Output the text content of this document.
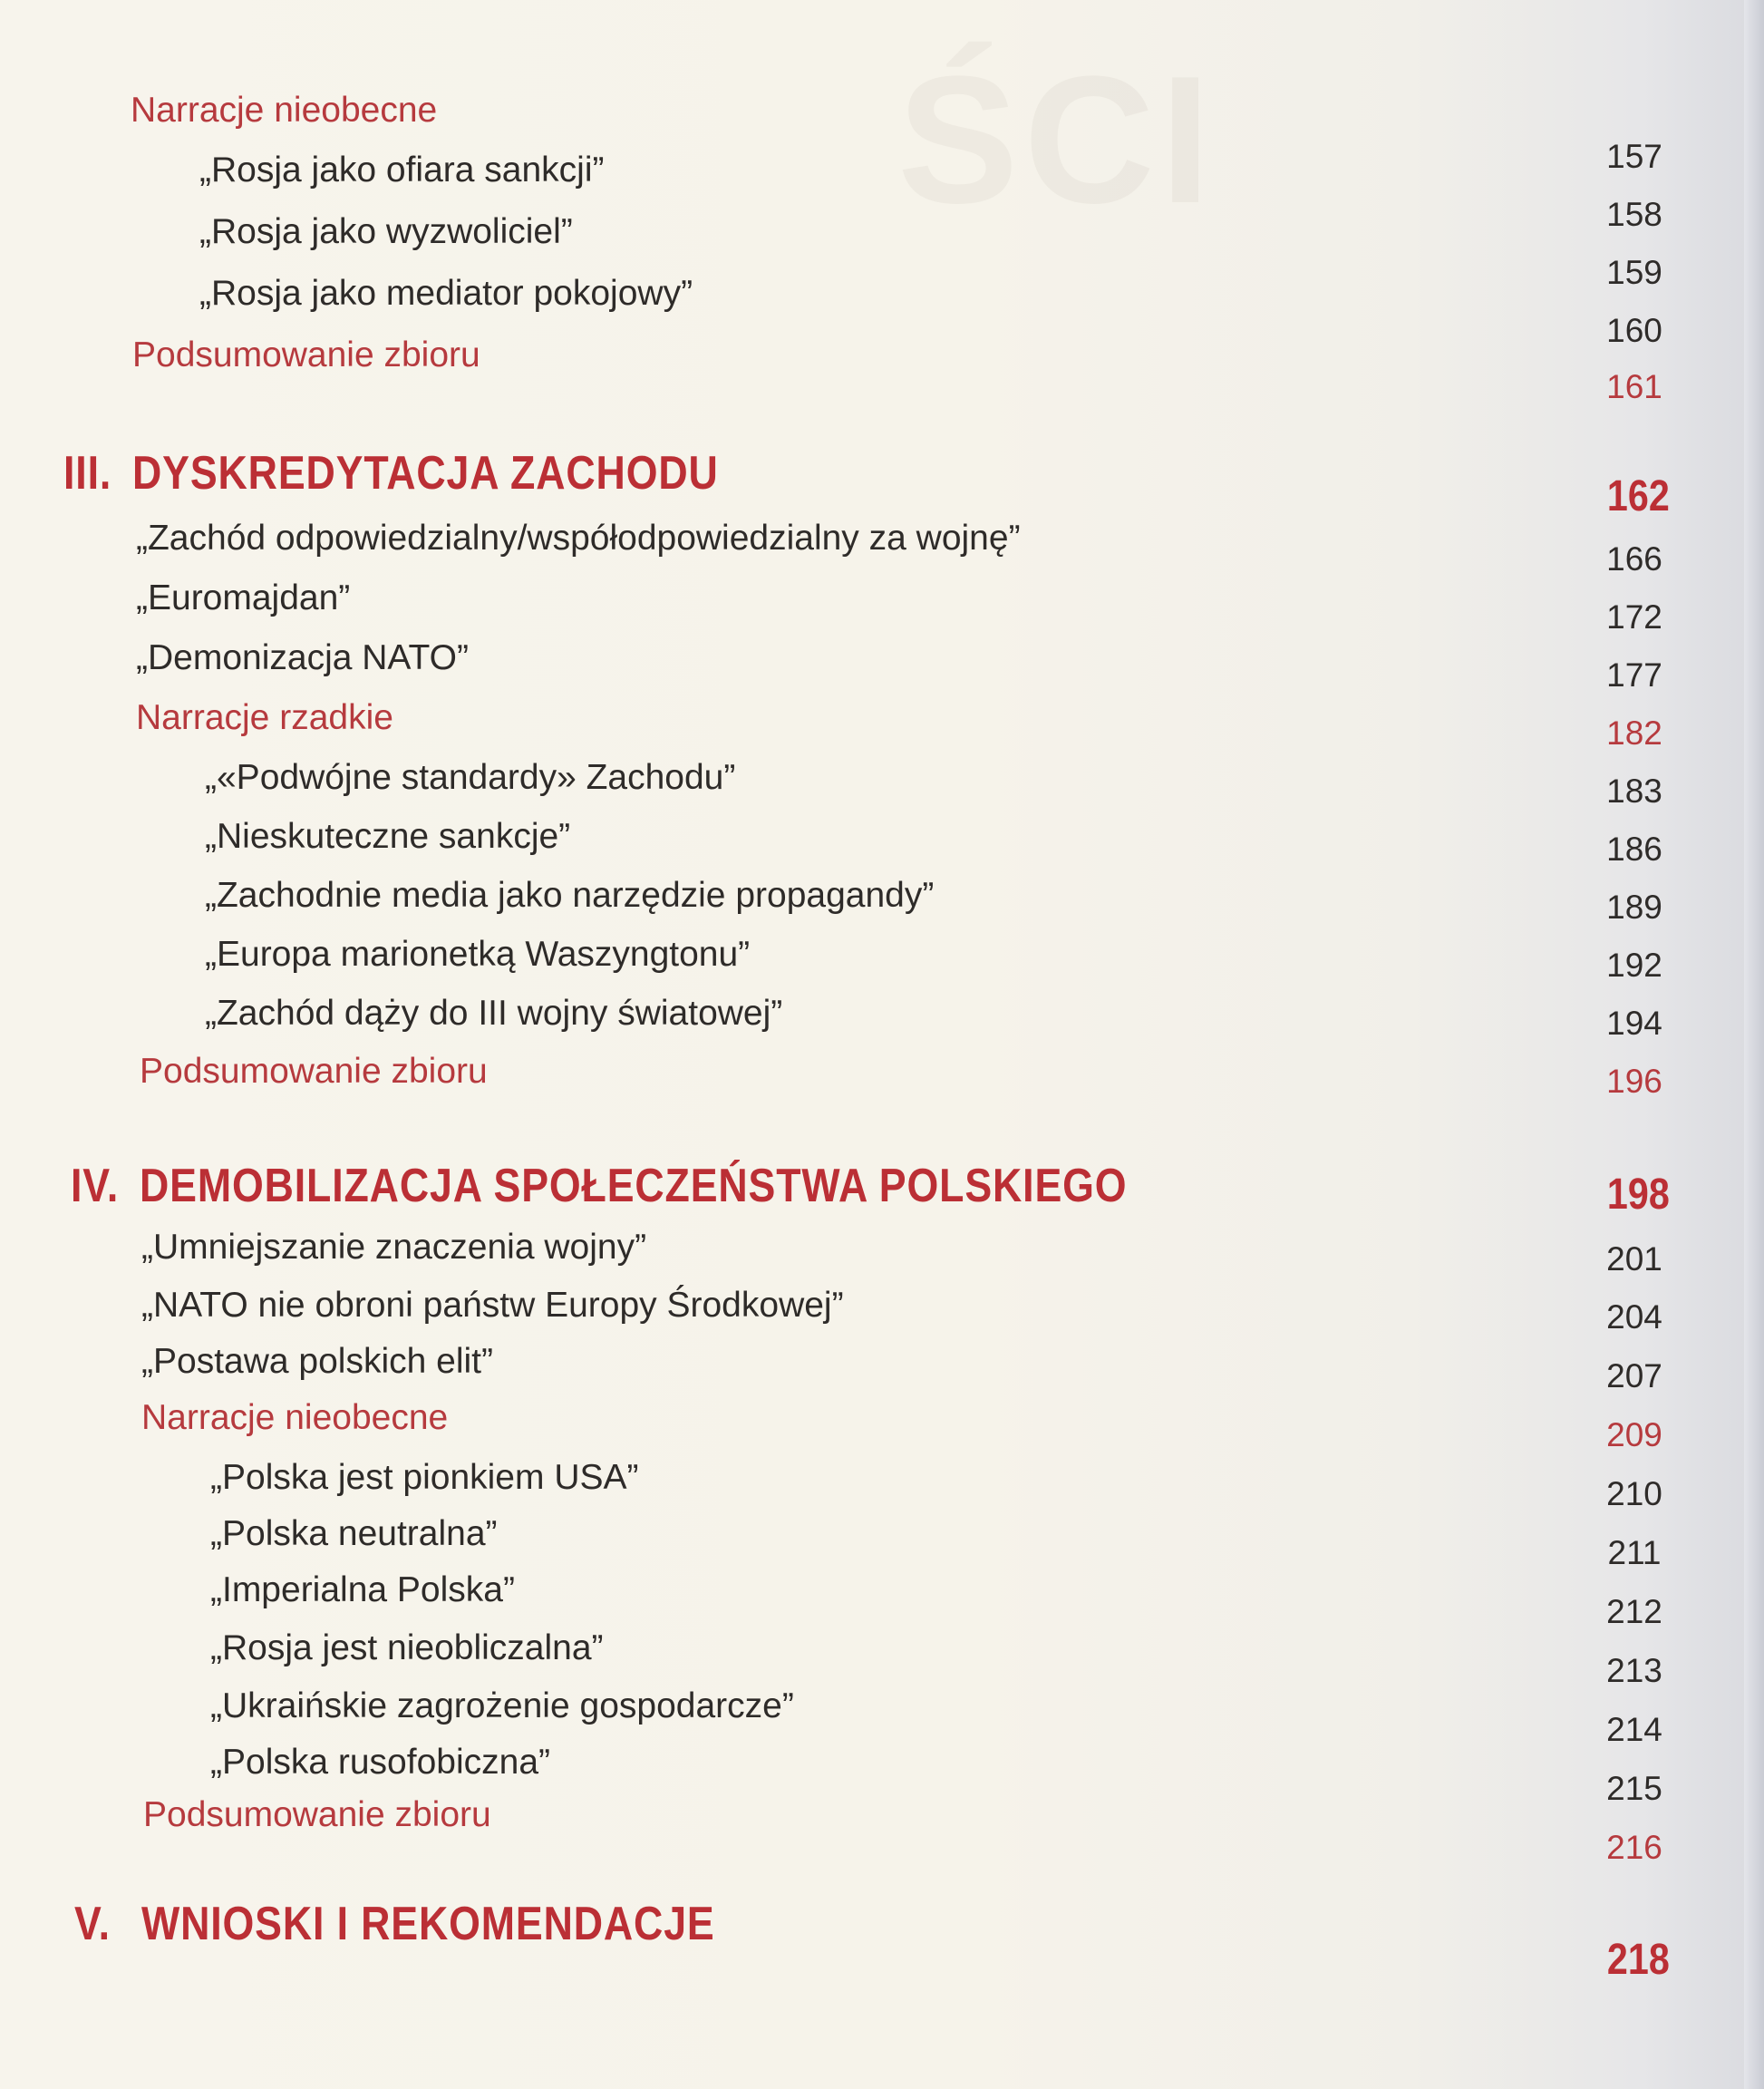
ŚCI
Narracje nieobecne
„Rosja jako ofiara sankcji”
„Rosja jako wyzwoliciel”
„Rosja jako mediator pokojowy”
Podsumowanie zbioru
III. DYSKREDYTACJA ZACHODU
„Zachód odpowiedzialny/współodpowiedzialny za wojnę”
„Euromajdan”
„Demonizacja NATO”
Narracje rzadkie
„«Podwójne standardy» Zachodu”
„Nieskuteczne sankcje”
„Zachodnie media jako narzędzie propagandy”
„Europa marionetką Waszyngtonu”
„Zachód dąży do III wojny światowej”
Podsumowanie zbioru
IV. DEMOBILIZACJA SPOŁECZEŃSTWA POLSKIEGO
„Umniejszanie znaczenia wojny”
„NATO nie obroni państw Europy Środkowej”
„Postawa polskich elit”
Narracje nieobecne
„Polska jest pionkiem USA”
„Polska neutralna”
„Imperialna Polska”
„Rosja jest nieobliczalna”
„Ukraińskie zagrożenie gospodarcze”
„Polska rusofobiczna”
Podsumowanie zbioru
V. WNIOSKI I REKOMENDACJE
157
158
159
160
161
162
166
172
177
182
183
186
189
192
194
196
198
201
204
207
209
210
211
212
213
214
215
216
218
